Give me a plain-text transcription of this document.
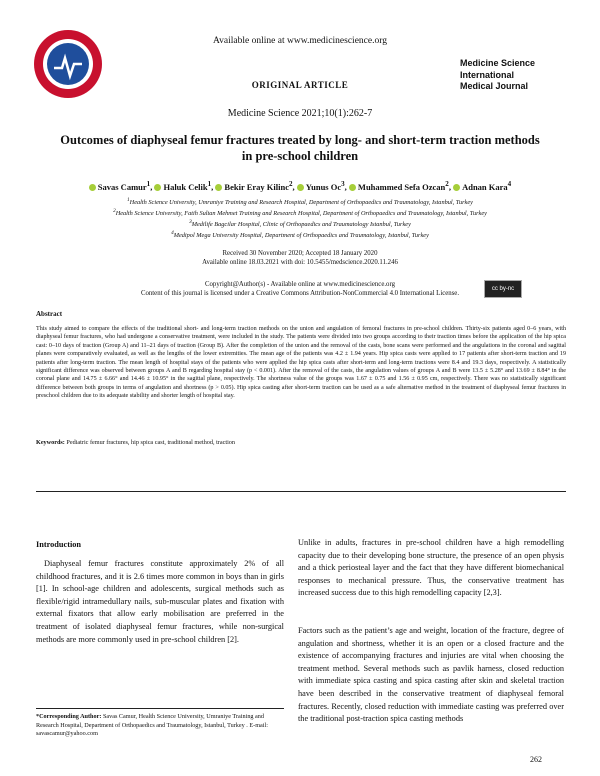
Available online at www.medicinescience.org
ORIGINAL ARTICLE
Medicine Science
International
Medical Journal
Medicine Science 2021;10(1):262-7
Outcomes of diaphyseal femur fractures treated by long- and short-term traction methods in pre-school children
Savas Camur$^1$, Haluk Celik$^1$, Bekir Eray Kilinc$^2$, Yunus Oc$^3$, Muhammed Sefa Ozcan$^2$, Adnan Kara$^4$
$^1$Health Science University, Umraniye Training and Research Hospital, Department of Orthopaedics and Traumatology, Istanbul, Turkey
$^2$Health Science University, Fatih Sultan Mehmet Training and Research Hospital, Department of Orthopaedics and Traumatology, Istanbul, Turkey
$^3$Medilife Bagcilar Hospital, Clinic of Orthopaedics and Traumatology Istanbul, Turkey
$^4$Medipol Mega University Hospital, Department of Orthopaedics and Traumatology, Istanbul, Turkey
Received 30 November 2020; Accepted 18 January 2020
Available online 18.03.2021 with doi: 10.5455/medscience.2020.11.246
Copyright@Author(s) - Available online at www.medicinescience.org
Content of this journal is licensed under a Creative Commons Attribution-NonCommercial 4.0 International License.
cc by-nc
Abstract
This study aimed to compare the effects of the traditional short- and long-term traction methods on the union and angulation of femoral fractures in pre-school children. Thirty-six patients aged 0–6 years, with diaphyseal femur fractures, who had undergone a conservative treatment, were included in the study. The patients were divided into two groups according to their traction times before the application of the hip spica cast: 0–10 days of traction (Group A) and 11–21 days of traction (Group B). After the completion of the union and the removal of the casts, bone scans were performed and the angulations in the coronal and sagittal planes were comparatively evaluated, as well as the lengths of the lower extremities. The mean age of the patients was 4.2 ± 1.94 years. Hip spica casts were applied to 17 patients after short-term traction and 19 patients after long-term traction. The mean length of hospital stays of the patients who were applied the hip spica casts after short-term and long-term tractions were 8.4 and 19.3 days, respectively. A statistically significant difference was observed between groups A and B regarding hospital stay (p < 0.001). After the removal of the casts, the angulation values of groups A and B were 13.5 ± 5.28° and 13.69 ± 8.84° in the coronal plane and 14.75 ± 6.66° and 14.46 ± 10.95° in the sagittal plane, respectively. The shortness value of the groups was 1.67 ± 0.75 and 1.56 ± 0.95 cm, respectively. There was no statistically significant difference between both groups in terms of angulation and shortness (p > 0.05). Hip spica casting after short-term traction can be used as a safe alternative method in the treatment of diaphyseal femur fractures in preschool children due to its adequate stability and shorter length of hospital stay.
Keywords: Pediatric femur fractures, hip spica cast, traditional method, traction
Introduction
Diaphyseal femur fractures constitute approximately 2% of all childhood fractures, and it is 2.6 times more common in boys than in girls [1]. In school-age children and adolescents, surgical methods such as flexible/rigid intramedullary nails, sub-muscular plates and fixation with external fixators that allow early mobilisation are preferred in the treatment of isolated diaphyseal femur fractures, while non-surgical methods are more commonly used in pre-school children [2].
Unlike in adults, fractures in pre-school children have a high remodelling capacity due to their developing bone structure, the presence of an open physis and a thick periosteal layer and the fact that they have different biomechanical responses to mechanical pressure. Thus, the conservative treatment has increased success due to this high remodelling capacity [2,3].
Factors such as the patient’s age and weight, location of the fracture, degree of angulation and shortness, whether it is an open or a closed fracture and the existence of accompanying fractures and injuries are vital when choosing the treatment method. Several methods such as pavlik harness, closed reduction with immediate spica casting and spica casting after skin and skeletal traction have been described in the conservative treatment of diaphyseal femoral fractures. Recently, closed reduction with immediate casting was preferred over the traditional post-traction spica casting methods
*Corresponding Author: Savas Camur, Health Science University, Umraniye Training and Research Hospital, Department of Orthopaedics and Traumatology, Istanbul, Turkey . E-mail: savascamur@yahoo.com
262
